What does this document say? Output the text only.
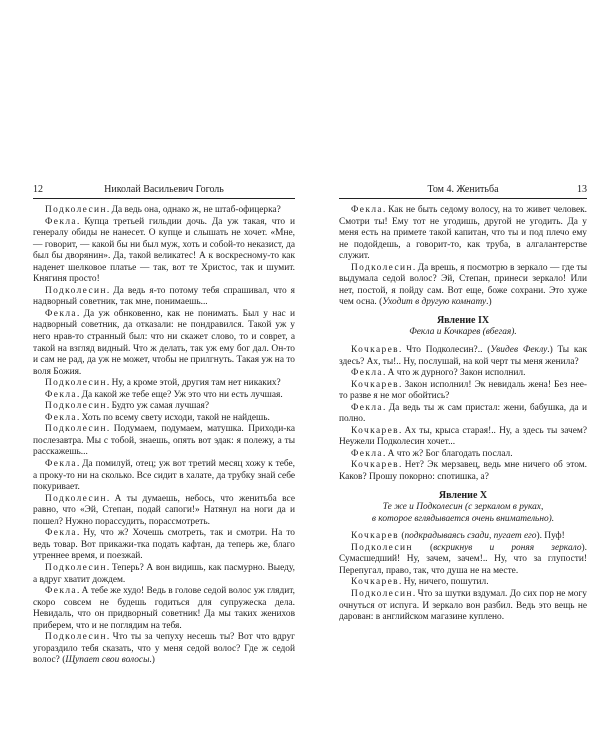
12	Николай Васильевич Гоголь

Подколесин. Да ведь она, однако ж, не штаб-офицерка?

Фекла. Купца третьей гильдии дочь. Да уж такая, что и генералу обиды не нанесет. О купце и слышать не хочет. «Мне, — говорит, — какой бы ни был муж, хоть и собой-то неказист, да был бы дворянин». Да, такой великатес! А к воскресному-то как наденет шелковое платье — так, вот те Христос, так и шумит. Княгиня просто!

Подколесин. Да ведь я-то потому тебя спрашивал, что я надворный советник, так мне, понимаешь...

Фекла. Да уж обнковенно, как не понимать. Был у нас и надворный советник, да отказали: не пондравился. Такой уж у него нрав-то странный был: что ни скажет слово, то и соврет, а такой на взгляд видный. Что ж делать, так уж ему бог дал. Он-то и сам не рад, да уж не может, чтобы не прилгнуть. Такая уж на то воля Божия.

Подколесин. Ну, а кроме этой, другия там нет никаких?

Фекла. Да какой же тебе еще? Уж это что ни есть лучшая.

Подколесин. Будто уж самая лучшая?

Фекла. Хоть по всему свету исходи, такой не найдешь.

Подколесин. Подумаем, подумаем, матушка. Приходи-ка послезавтра. Мы с тобой, знаешь, опять вот эдак: я полежу, а ты расскажешь...

Фекла. Да помилуй, отец; уж вот третий месяц хожу к тебе, а проку-то ни на сколько. Все сидит в халате, да трубку знай себе покуривает.

Подколесин. А ты думаешь, небось, что женитьба все равно, что «Эй, Степан, подай сапоги!» Натянул на ноги да и пошел? Нужно порассудить, порассмотреть.

Фекла. Ну, что ж? Хочешь смотреть, так и смотри. На то ведь товар. Вот прикажи-тка подать кафтан, да теперь же, благо утреннее время, и поезжай.

Подколесин. Теперь? А вон видишь, как пасмурно. Выеду, а вдруг хватит дождем.

Фекла. А тебе же худо! Ведь в голове седой волос уж глядит, скоро совсем не будешь годиться для супружеска дела. Невидаль, что он придворный советник! Да мы таких женихов приберем, что и не поглядим на тебя.

Подколесин. Что ты за чепуху несешь ты? Вот что вдруг угораздило тебя сказать, что у меня седой волос? Где ж седой волос? (Щупает свои волосы.)

Том 4. Женитьба	13

Фекла. Как не быть седому волосу, на то живет человек. Смотри ты! Ему тот не угодишь, другой не угодить. Да у меня есть на примете такой капитан, что ты и под плечо ему не подойдешь, а говорит-то, как труба, в алгалантерстве служит.

Подколесин. Да врешь, я посмотрю в зеркало — где ты выдумала седой волос? Эй, Степан, принеси зеркало! Или нет, постой, я пойду сам. Вот еще, боже сохрани. Это хуже чем осна. (Уходит в другую комнату.)

Явление IX

Фекла и Кочкарев (вбегая).

Кочкарев. Что Подколесин?.. (Увидев Феклу.) Ты как здесь? Ах, ты!.. Ну, послушай, на кой черт ты меня женила?

Фекла. А что ж дурного? Закон исполнил.

Кочкарев. Закон исполнил! Эк невидаль жена! Без нее-то разве я не мог обойтись?

Фекла. Да ведь ты ж сам пристал: жени, бабушка, да и полно.

Кочкарев. Ах ты, крыса старая!.. Ну, а здесь ты зачем? Неужели Подколесин хочет...

Фекла. А что ж? Бог благодать послал.

Кочкарев. Нет? Эк мерзавец, ведь мне ничего об этом. Каков? Прошу покорно: спотишка, а?

Явление X

Те же и Подколесин (с зеркалом в руках,

в которое вглядывается очень внимательно).

Кочкарев (подкрадываясь сзади, пугает его). Пуф!

Подколесин (вскрикнув и роняя зеркало). Сумасшедший! Ну, зачем, зачем!.. Ну, что за глупости! Перепугал, право, так, что душа не на месте.

Кочкарев. Ну, ничего, пошутил.

Подколесин. Что за шутки вздумал. До сих пор не могу очнуться от испуга. И зеркало вон разбил. Ведь это вещь не дарован: в английском магазине куплено.
